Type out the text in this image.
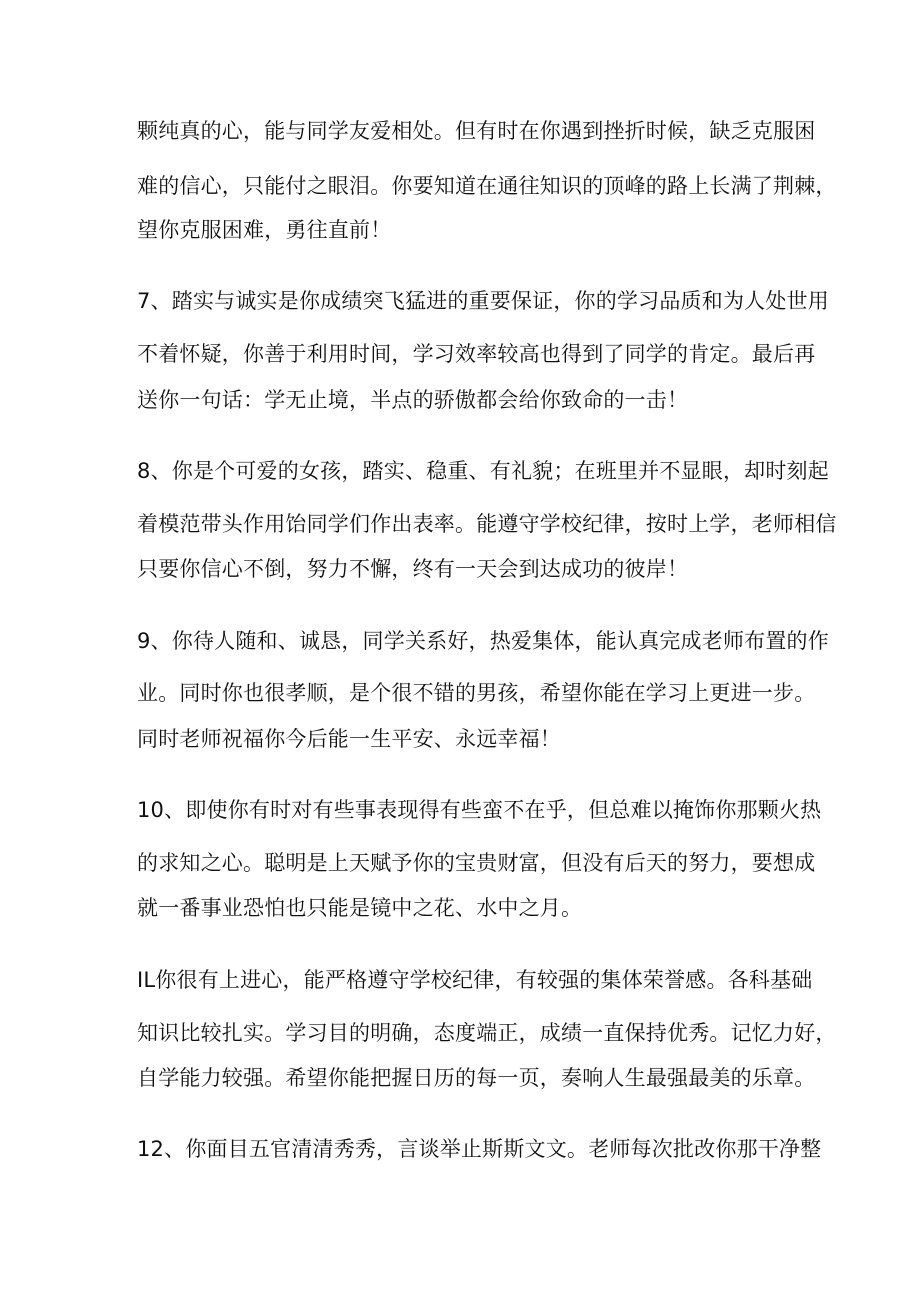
颗纯真的心，能与同学友爱相处。但有时在你遇到挫折时候，缺乏克服困
难的信心，只能付之眼泪。你要知道在通往知识的顶峰的路上长满了荆棘，
望你克服困难，勇往直前！
7、踏实与诚实是你成绩突飞猛进的重要保证，你的学习品质和为人处世用
不着怀疑，你善于利用时间，学习效率较高也得到了同学的肯定。最后再
送你一句话：学无止境，半点的骄傲都会给你致命的一击！
8、你是个可爱的女孩，踏实、稳重、有礼貌；在班里并不显眼，却时刻起
着模范带头作用饴同学们作出表率。能遵守学校纪律，按时上学，老师相信
只要你信心不倒，努力不懈，终有一天会到达成功的彼岸！
9、你待人随和、诚恳，同学关系好，热爱集体，能认真完成老师布置的作
业。同时你也很孝顺，是个很不错的男孩，希望你能在学习上更进一步。
同时老师祝福你今后能一生平安、永远幸福！
10、即使你有时对有些事表现得有些蛮不在乎，但总难以掩饰你那颗火热
的求知之心。聪明是上天赋予你的宝贵财富，但没有后天的努力，要想成
就一番事业恐怕也只能是镜中之花、水中之月。
IL你很有上进心，能严格遵守学校纪律，有较强的集体荣誉感。各科基础
知识比较扎实。学习目的明确，态度端正，成绩一直保持优秀。记忆力好，
自学能力较强。希望你能把握日历的每一页，奏响人生最强最美的乐章。
12、你面目五官清清秀秀，言谈举止斯斯文文。老师每次批改你那干净整
